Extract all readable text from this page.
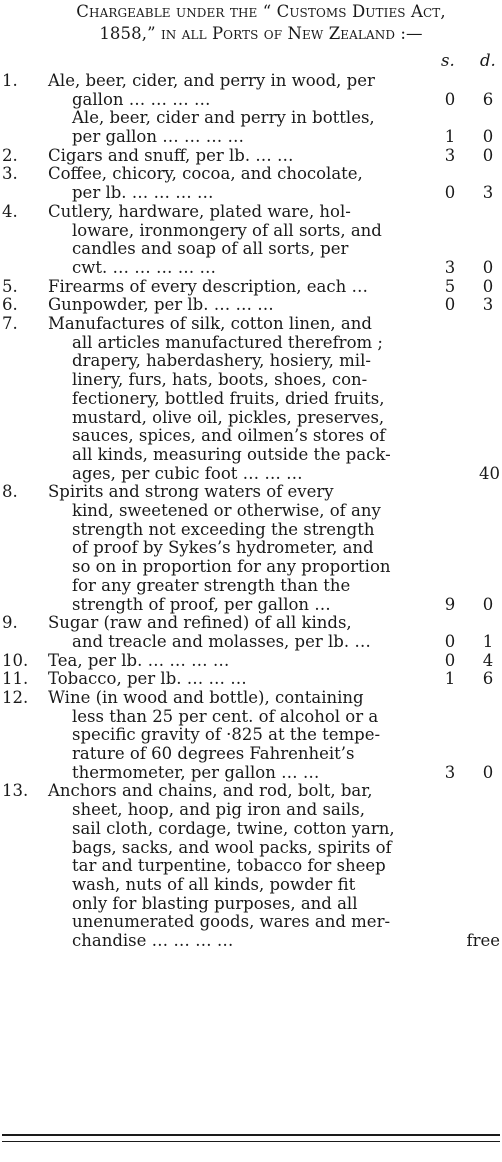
Chargeable under the “ Customs Duties Act,
1858,” in all Ports of New Zealand :—
s. d.
1.	Ale, beer, cider, and perry in wood, per
gallon … … … …	0 6
Ale, beer, cider and perry in bottles,
per gallon … … … …	1 0
2.	Cigars and snuff, per lb. … …	3 0
3.	Coffee, chicory, cocoa, and chocolate,
per lb. … … … …	0 3
4.	Cutlery, hardware, plated ware, hol-
loware, ironmongery of all sorts, and
candles and soap of all sorts, per
cwt. … … … … …	3 0
5.	Firearms of every description, each …	5 0
6.	Gunpowder, per lb. … … …	0 3
7.	Manufactures of silk, cotton linen, and
all articles manufactured therefrom ;
drapery, haberdashery, hosiery, mil-
linery, furs, hats, boots, shoes, con-
fectionery, bottled fruits, dried fruits,
mustard, olive oil, pickles, preserves,
sauces, spices, and oilmen’s stores of
all kinds, measuring outside the pack-
ages, per cubic foot … … …	40
8.	Spirits and strong waters of every
kind, sweetened or otherwise, of any
strength not exceeding the strength
of proof by Sykes’s hydrometer, and
so on in proportion for any proportion
for any greater strength than the
strength of proof, per gallon …	9 0
9.	Sugar (raw and refined) of all kinds,
and treacle and molasses, per lb. …	0 1
10.	Tea, per lb. … … … …	0 4
11.	Tobacco, per lb. … … …	1 6
12.	Wine (in wood and bottle), containing
less than 25 per cent. of alcohol or a
specific gravity of ·825 at the tempe-
rature of 60 degrees Fahrenheit’s
thermometer, per gallon … …	3 0
13.	Anchors and chains, and rod, bolt, bar,
sheet, hoop, and pig iron and sails,
sail cloth, cordage, twine, cotton yarn,
bags, sacks, and wool packs, spirits of
tar and turpentine, tobacco for sheep
wash, nuts of all kinds, powder fit
only for blasting purposes, and all
unenumerated goods, wares and mer-
chandise … … … …	free
